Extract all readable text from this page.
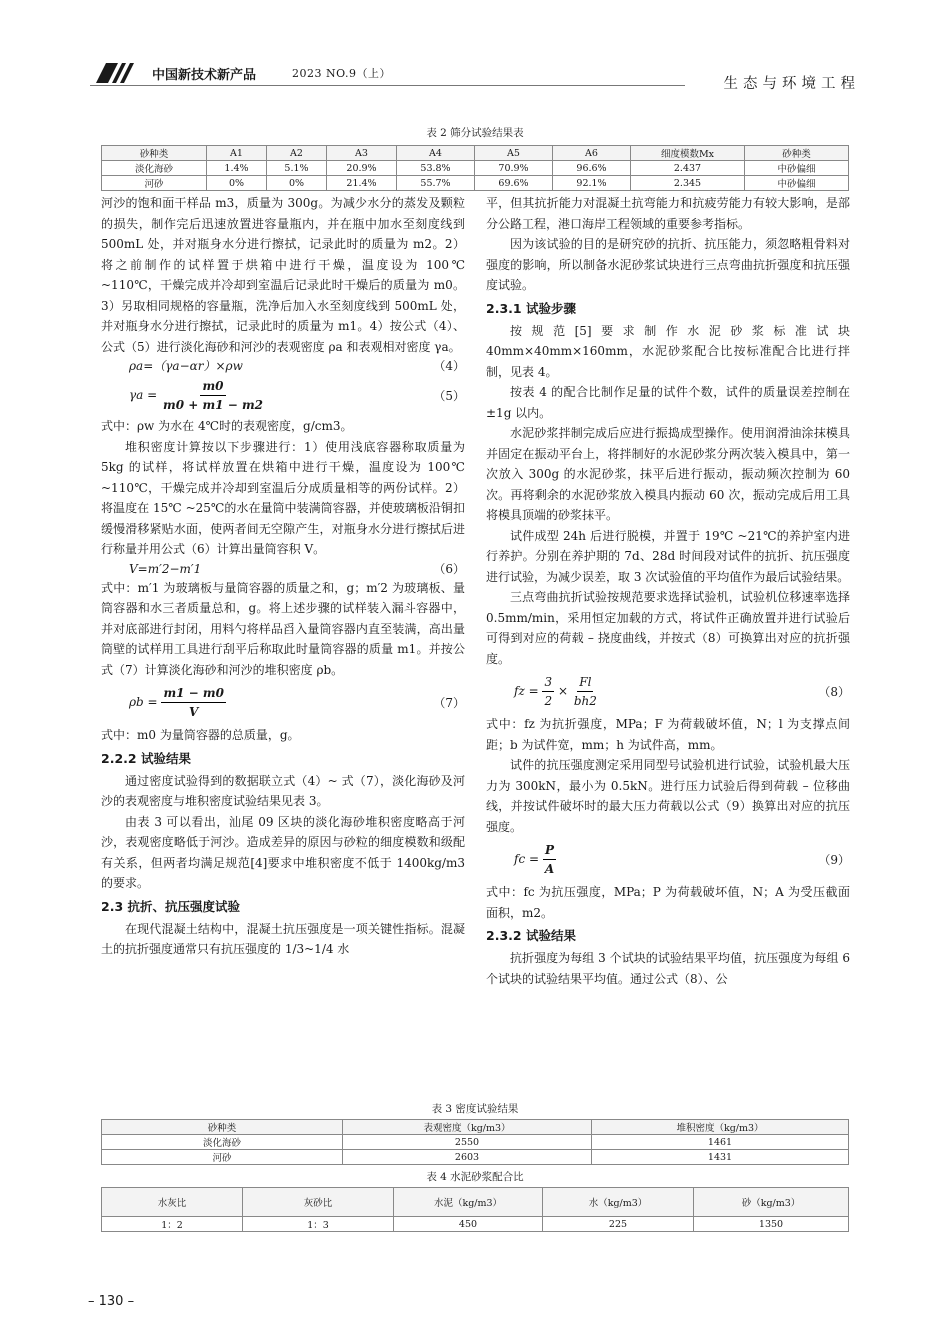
中国新技术新产品	2023 NO.9（上）
生态与环境工程
表 2 筛分试验结果表
砂种类	A1	A2	A3	A4	A5	A6	细度模数Mx	砂种类
淡化海砂	1.4%	5.1%	20.9%	53.8%	70.9%	96.6%	2.437	中砂偏细
河砂	0%	0%	21.4%	55.7%	69.6%	92.1%	2.345	中砂偏细

河沙的饱和面干样品 m3，质量为 300g。为减少水分的蒸发及颗粒的损失，制作完后迅速放置进容量瓶内，并在瓶中加水至刻度线到 500mL 处，并对瓶身水分进行擦拭，记录此时的质量为 m2。2）将之前制作的试样置于烘箱中进行干燥，温度设为 100℃ ~110℃，干燥完成并冷却到室温后记录此时干燥后的质量为 m0。3）另取相同规格的容量瓶，洗净后加入水至刻度线到 500mL 处，并对瓶身水分进行擦拭，记录此时的质量为 m1。4）按公式（4）、公式（5）进行淡化海砂和河沙的表观密度 ρa 和表观相对密度 γa。

ρa=（γa−αr）×ρw	（4）
$\gamma a = \frac{m0}{m0 + m1 - m2}$	（5）

式中：ρw 为水在 4℃时的表观密度，g/cm3。

堆积密度计算按以下步骤进行：1）使用浅底容器称取质量为 5kg 的试样，将试样放置在烘箱中进行干燥，温度设为 100℃ ~110℃，干燥完成并冷却到室温后分成质量相等的两份试样。2）将温度在 15℃ ~25℃的水在量筒中装满筒容器，并使玻璃板沿铜扣缓慢滑移紧贴水面，使两者间无空隙产生，对瓶身水分进行擦拭后进行称量并用公式（6）计算出量筒容积 V。

V=m′2−m′1	（6）

式中：m′1 为玻璃板与量筒容器的质量之和，g；m′2 为玻璃板、量筒容器和水三者质量总和，g。将上述步骤的试样装入漏斗容器中，并对底部进行封闭，用料勺将样品舀入量筒容器内直至装满，高出量筒壁的试样用工具进行刮平后称取此时量筒容器的质量 m1。并按公式（7）计算淡化海砂和河沙的堆积密度 ρb。

$\rho b = \frac{m1 - m0}{V}$	（7）

式中：m0 为量筒容器的总质量，g。

2.2.2 试验结果

通过密度试验得到的数据联立式（4）~ 式（7），淡化海砂及河沙的表观密度与堆积密度试验结果见表 3。

由表 3 可以看出，汕尾 09 区块的淡化海砂堆积密度略高于河沙，表观密度略低于河沙。造成差异的原因与砂粒的细度模数和级配有关系，但两者均满足规范[4]要求中堆积密度不低于 1400kg/m3 的要求。

2.3 抗折、抗压强度试验

在现代混凝土结构中，混凝土抗压强度是一项关键性指标。混凝土的抗折强度通常只有抗压强度的 1/3~1/4 水

平，但其抗折能力对混凝土抗弯能力和抗疲劳能力有较大影响，是部分公路工程，港口海岸工程领域的重要参考指标。

因为该试验的目的是研究砂的抗折、抗压能力，须忽略粗骨料对强度的影响，所以制备水泥砂浆试块进行三点弯曲抗折强度和抗压强度试验。

2.3.1 试验步骤

按规范[5]要求制作水泥砂浆标准试块 40mm×40mm×160mm，水泥砂浆配合比按标准配合比进行拌制，见表 4。

按表 4 的配合比制作足量的试件个数，试件的质量误差控制在 ±1g 以内。

水泥砂浆拌制完成后应进行振捣成型操作。使用润滑油涂抹模具并固定在振动平台上，将拌制好的水泥砂浆分两次装入模具中，第一次放入 300g 的水泥砂浆，抹平后进行振动，振动频次控制为 60 次。再将剩余的水泥砂浆放入模具内振动 60 次，振动完成后用工具将模具顶端的砂浆抹平。

试件成型 24h 后进行脱模，并置于 19℃ ~21℃的养护室内进行养护。分别在养护期的 7d、28d 时间段对试件的抗折、抗压强度进行试验，为减少误差，取 3 次试验值的平均值作为最后试验结果。

三点弯曲抗折试验按规范要求选择试验机，试验机位移速率选择 0.5mm/min，采用恒定加载的方式，将试件正确放置并进行试验后可得到对应的荷载 – 挠度曲线，并按式（8）可换算出对应的抗折强度。

fz = $\frac{3}{2} \times \frac{Fl}{bh2}$	（8）

式中：fz 为抗折强度，MPa；F 为荷载破坏值，N；l 为支撑点间距；b 为试件宽，mm；h 为试件高，mm。

试件的抗压强度测定采用同型号试验机进行试验，试验机最大压力为 300kN，最小为 0.5kN。进行压力试验后得到荷载 – 位移曲线，并按试件破坏时的最大压力荷载以公式（9）换算出对应的抗压强度。

fc = $\frac{P}{A}$	（9）

式中：fc 为抗压强度，MPa；P 为荷载破坏值，N；A 为受压截面面积，m2。

2.3.2 试验结果

抗折强度为每组 3 个试块的试验结果平均值，抗压强度为每组 6 个试块的试验结果平均值。通过公式（8）、公

表 3 密度试验结果
砂种类	表观密度（kg/m3）	堆积密度（kg/m3）
淡化海砂	2550	1461
河砂	2603	1431
表 4 水泥砂浆配合比
水灰比	灰砂比	水泥（kg/m3）	水（kg/m3）	砂（kg/m3）
1：2	1：3	450	225	1350
– 130 –
